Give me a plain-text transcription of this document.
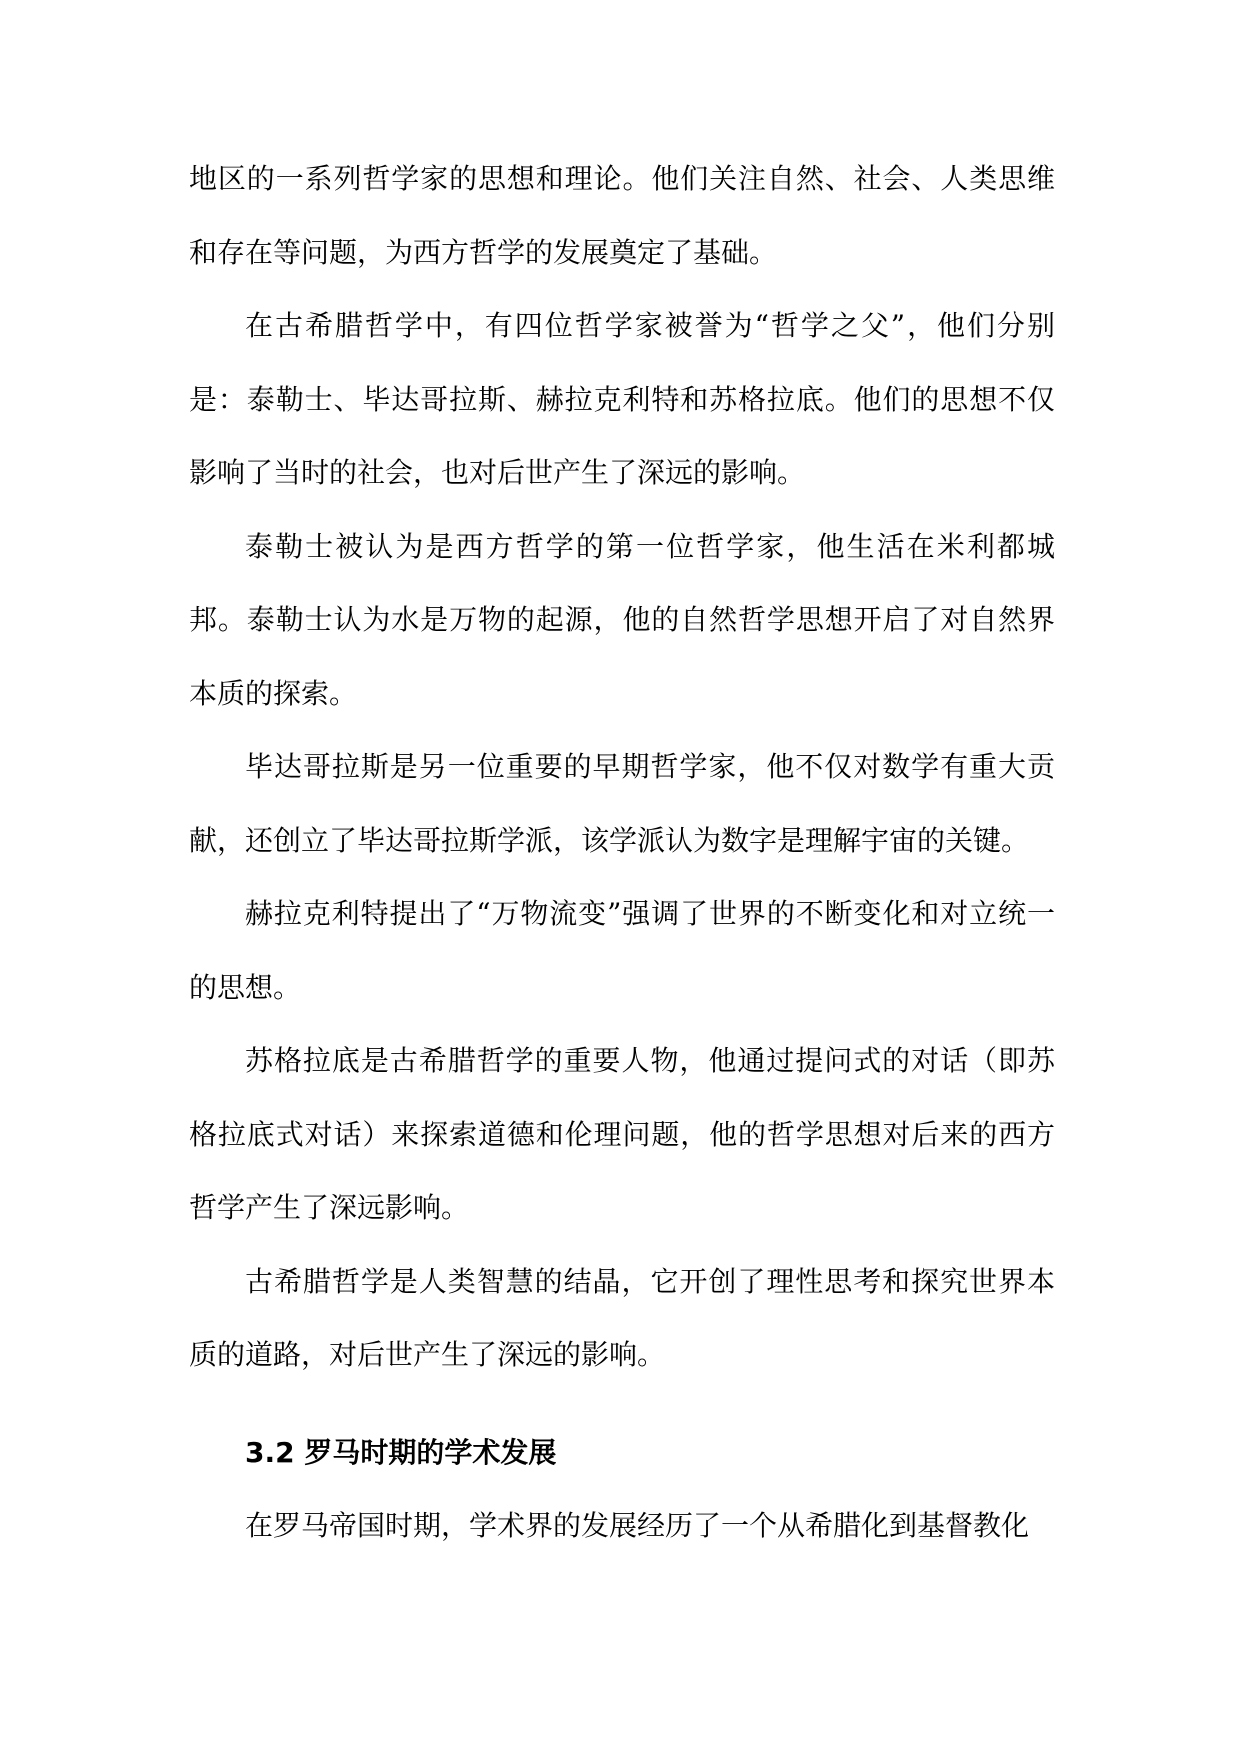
地区的一系列哲学家的思想和理论。他们关注自然、社会、人类思维和存在等问题，为西方哲学的发展奠定了基础。

在古希腊哲学中，有四位哲学家被誉为“哲学之父”，他们分别是：泰勒士、毕达哥拉斯、赫拉克利特和苏格拉底。他们的思想不仅影响了当时的社会，也对后世产生了深远的影响。

泰勒士被认为是西方哲学的第一位哲学家，他生活在米利都城邦。泰勒士认为水是万物的起源，他的自然哲学思想开启了对自然界本质的探索。

毕达哥拉斯是另一位重要的早期哲学家，他不仅对数学有重大贡献，还创立了毕达哥拉斯学派，该学派认为数字是理解宇宙的关键。

赫拉克利特提出了“万物流变”强调了世界的不断变化和对立统一的思想。

苏格拉底是古希腊哲学的重要人物，他通过提问式的对话（即苏格拉底式对话）来探索道德和伦理问题，他的哲学思想对后来的西方哲学产生了深远影响。

古希腊哲学是人类智慧的结晶，它开创了理性思考和探究世界本质的道路，对后世产生了深远的影响。

3.2 罗马时期的学术发展

在罗马帝国时期，学术界的发展经历了一个从希腊化到基督教化
